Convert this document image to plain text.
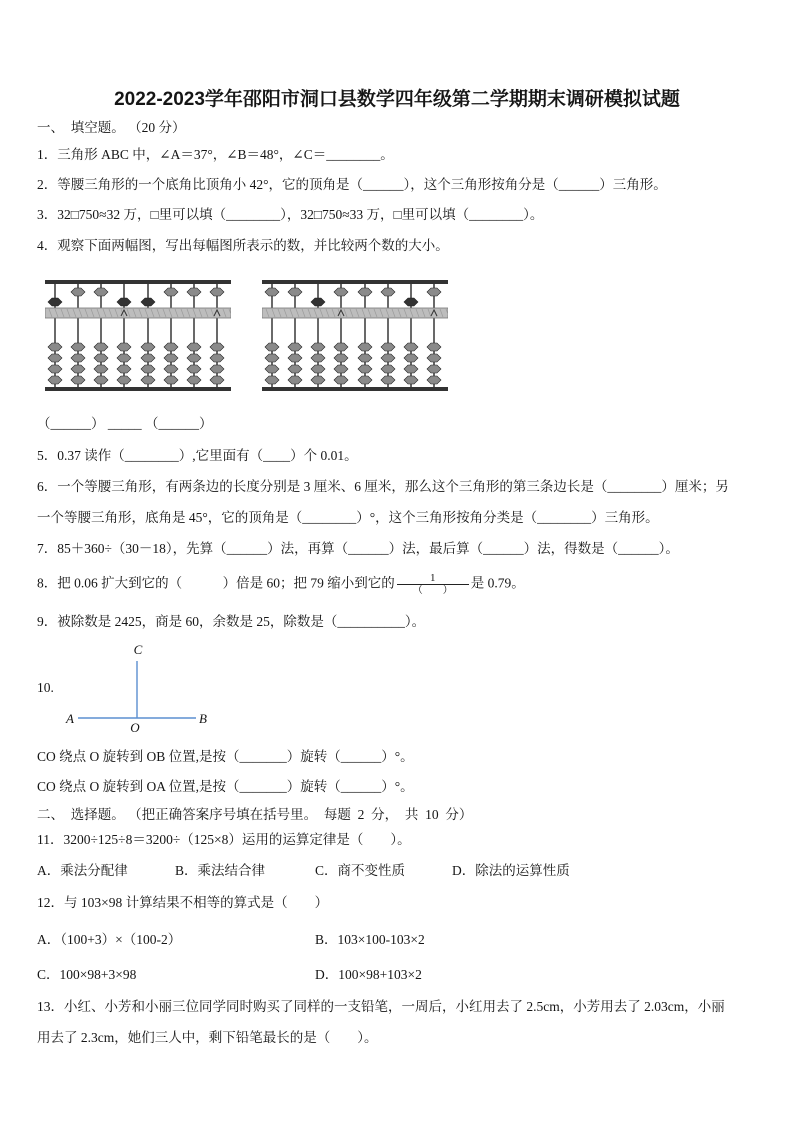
2022-2023学年邵阳市洞口县数学四年级第二学期期末调研模拟试题
一、  填空题。 （20 分）
1．三角形 ABC 中，∠A＝37°，∠B＝48°，∠C＝________。
2．等腰三角形的一个底角比顶角小 42°，它的顶角是（______），这个三角形按角分是（______）三角形。
3．32□750≈32 万，□里可以填（________），32□750≈33 万，□里可以填（________）。
4．观察下面两幅图，写出每幅图所表示的数，并比较两个数的大小。
（______） _____ （______）
5．0.37 读作（________）,它里面有（____）个 0.01。
6．一个等腰三角形，有两条边的长度分别是 3 厘米、6 厘米，那么这个三角形的第三条边长是（________）厘米；另
一个等腰三角形，底角是 45°，它的顶角是（________）°，这个三角形按角分类是（________）三角形。
7．85＋360÷（30－18），先算（______）法，再算（______）法，最后算（______）法，得数是（______）。
8．把 0.06 扩大到它的（　　　）倍是 60；把 79 缩小到它的 $\frac{1}{( )}$ 是 0.79。
9．被除数是 2425，商是 60，余数是 25，除数是（__________）。
10.
C
A
O
B
CO 绕点 O 旋转到 OB 位置,是按（_______）旋转（______）°。
CO 绕点 O 旋转到 OA 位置,是按（_______）旋转（______）°。
二、  选择题。 （把正确答案序号填在括号里。  每题  2  分，  共  10  分）
11．3200÷125÷8＝3200÷（125×8）运用的运算定律是（　　）。
A．乘法分配律	B．乘法结合律	C．商不变性质	D．除法的运算性质
12．与 103×98 计算结果不相等的算式是（　　）
A．（100+3）×（100-2）	B．103×100-103×2
C．100×98+3×98	D．100×98+103×2
13．小红、小芳和小丽三位同学同时购买了同样的一支铅笔，一周后，小红用去了 2.5cm，小芳用去了 2.03cm，小丽
用去了 2.3cm，她们三人中，剩下铅笔最长的是（　　）。
